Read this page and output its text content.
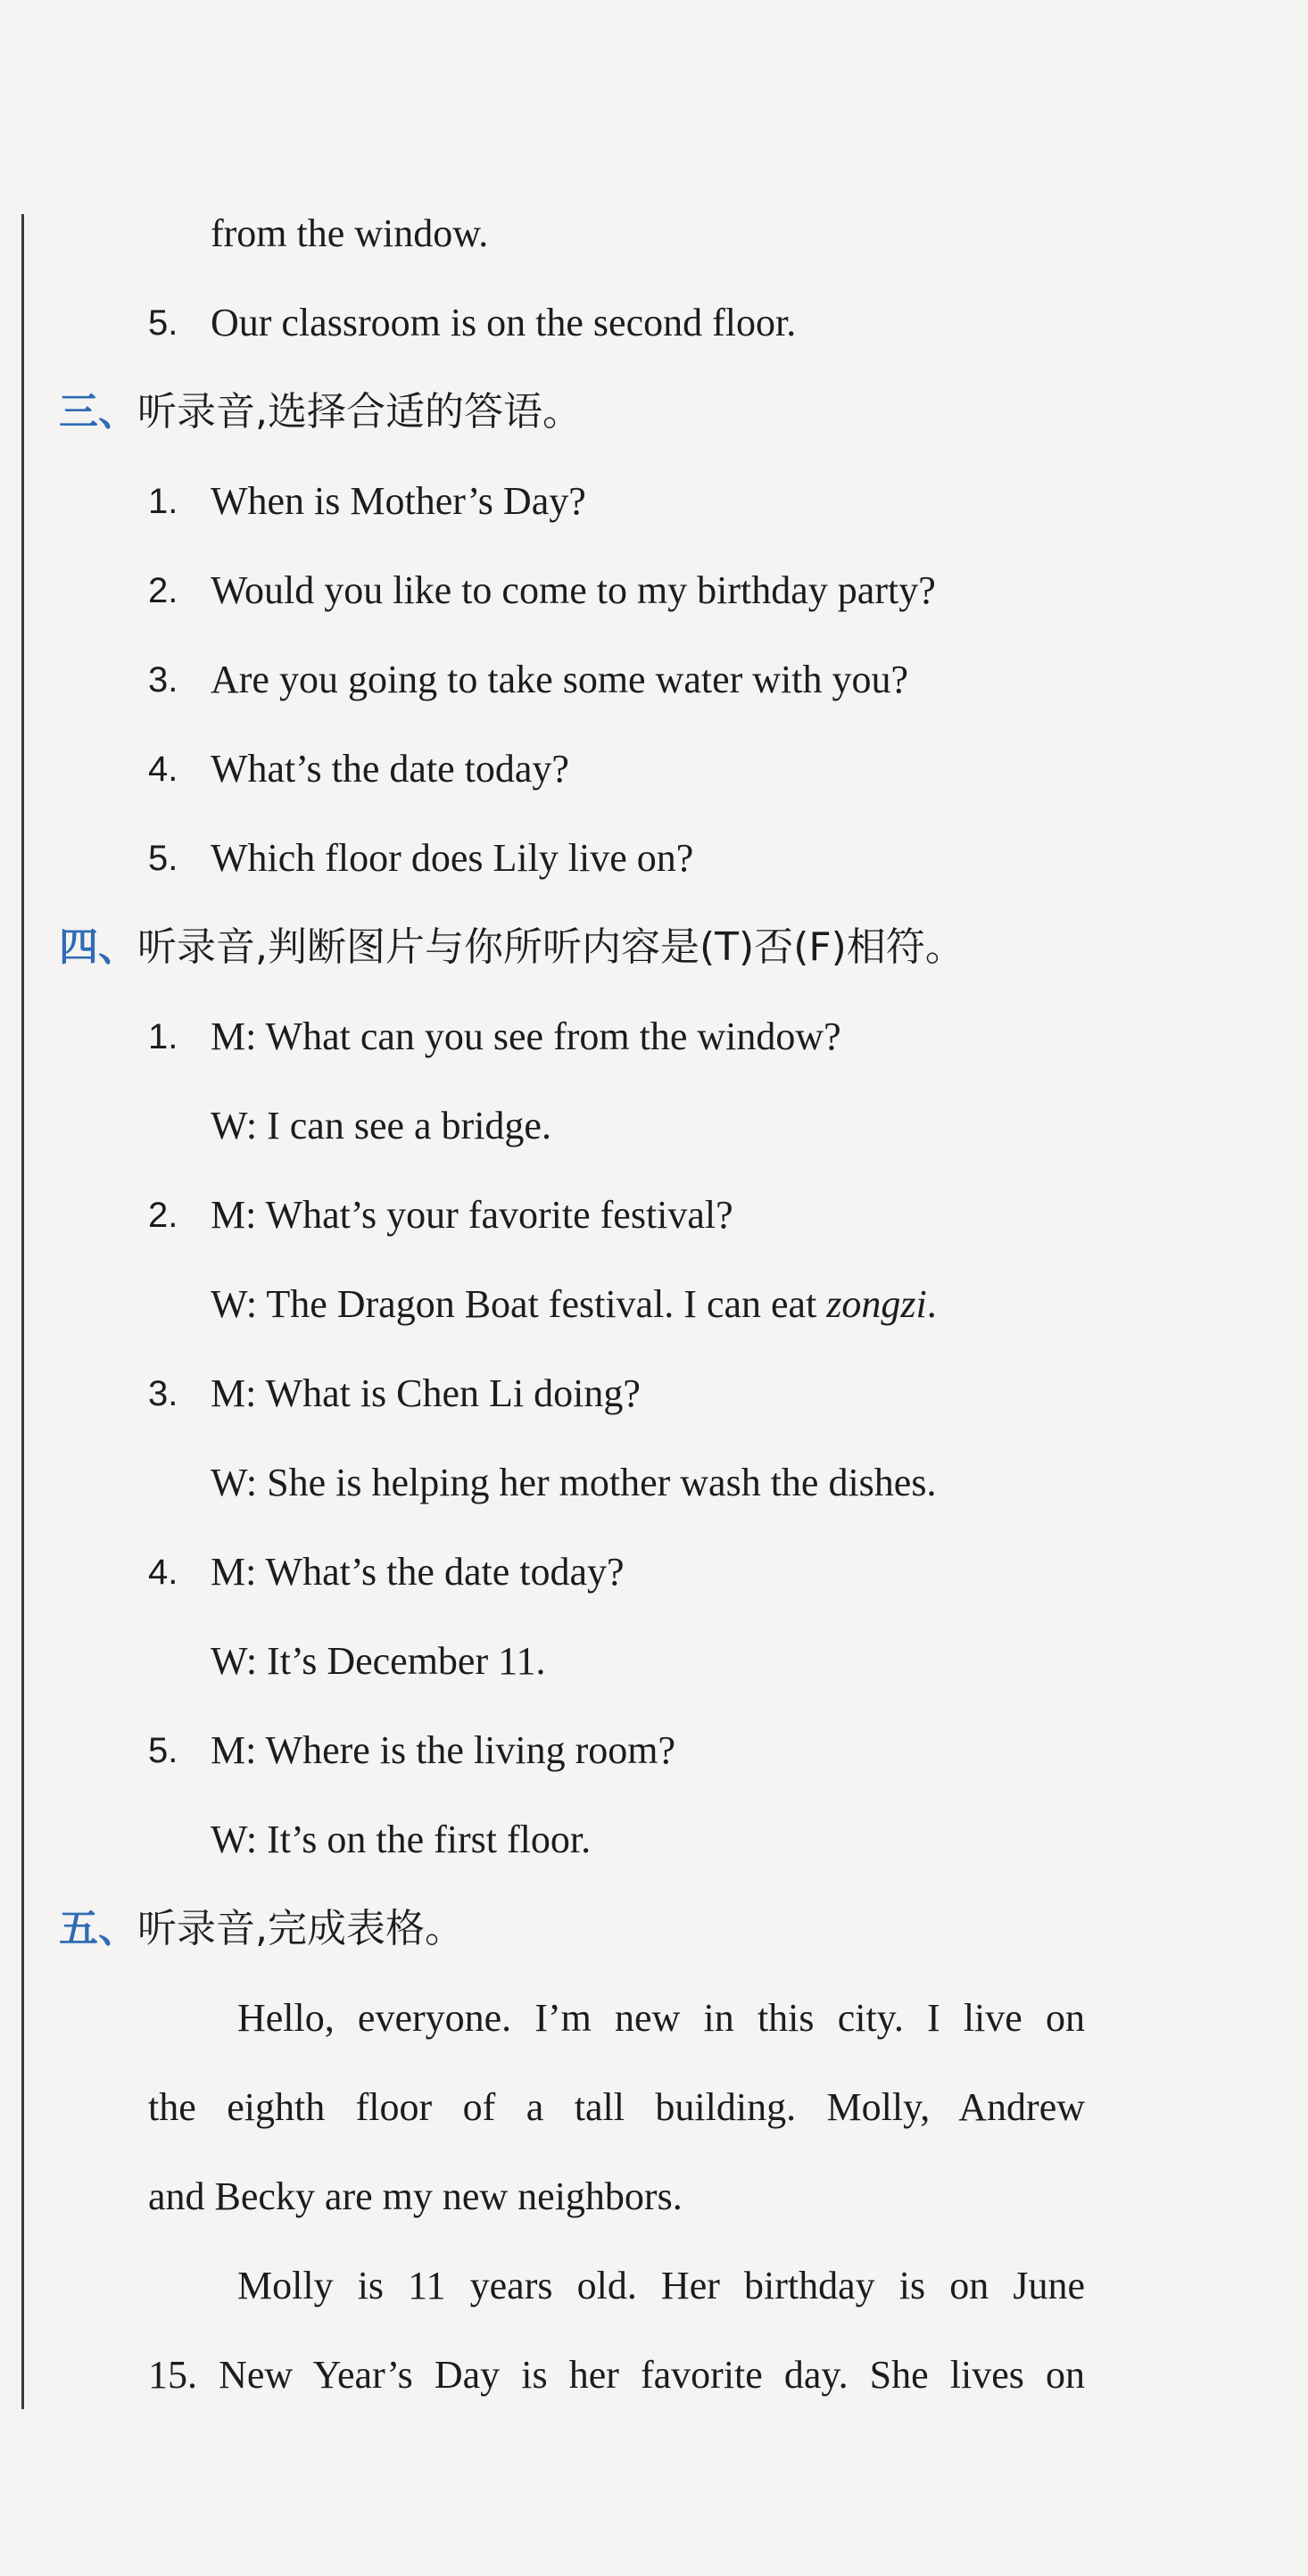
from the window.
5. Our classroom is on the second floor.
三、听录音,选择合适的答语。
1. When is Mother’s Day?
2. Would you like to come to my birthday party?
3. Are you going to take some water with you?
4. What’s the date today?
5. Which floor does Lily live on?
四、听录音,判断图片与你所听内容是(T)否(F)相符。
1. M: What can you see from the window?
W: I can see a bridge.
2. M: What’s your favorite festival?
W: The Dragon Boat festival. I can eat zongzi.
3. M: What is Chen Li doing?
W: She is helping her mother wash the dishes.
4. M: What’s the date today?
W: It’s December 11.
5. M: Where is the living room?
W: It’s on the first floor.
五、听录音,完成表格。
Hello, everyone. I’m new in this city. I live on
the eighth floor of a tall building. Molly, Andrew
and Becky are my new neighbors.
Molly is 11 years old. Her birthday is on June
15. New Year’s Day is her favorite day. She lives on
